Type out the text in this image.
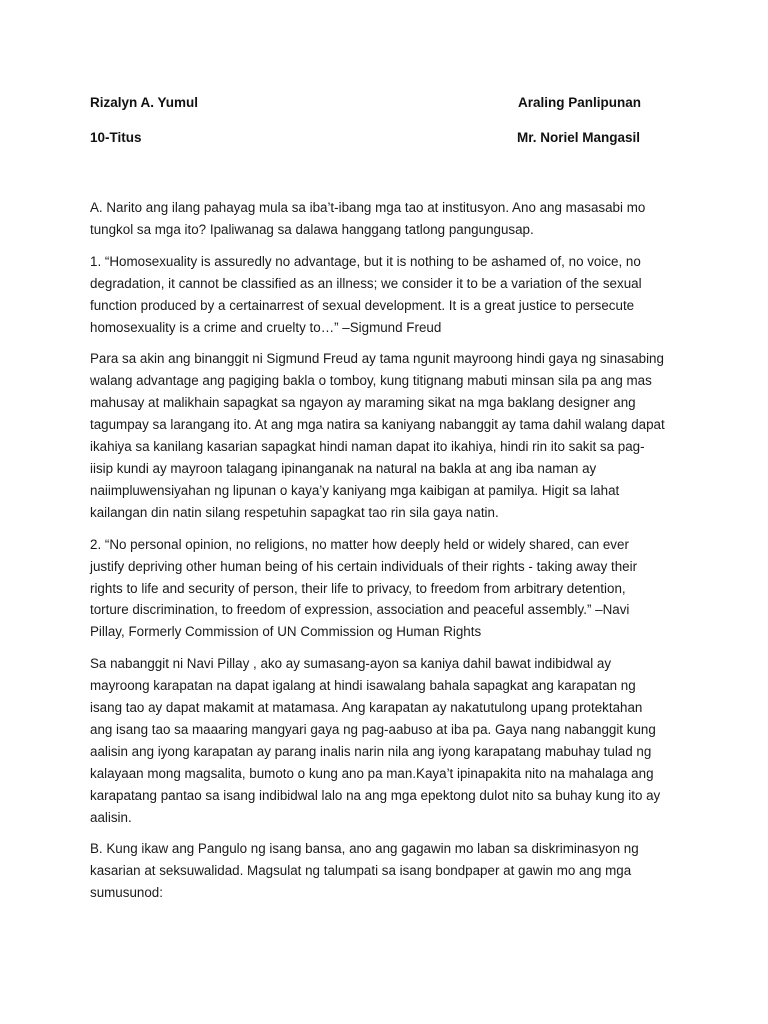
Rizalyn A. Yumul	Araling Panlipunan
10-Titus	Mr. Noriel Mangasil

A. Narito ang ilang pahayag mula sa iba’t-ibang mga tao at institusyon. Ano ang masasabi mo
tungkol sa mga ito? Ipaliwanag sa dalawa hanggang tatlong pangungusap.

1. “Homosexuality is assuredly no advantage, but it is nothing to be ashamed of, no voice, no
degradation, it cannot be classified as an illness; we consider it to be a variation of the sexual
function produced by a certainarrest of sexual development. It is a great justice to persecute
homosexuality is a crime and cruelty to…” –Sigmund Freud

Para sa akin ang binanggit ni Sigmund Freud ay tama ngunit mayroong hindi gaya ng sinasabing
walang advantage ang pagiging bakla o tomboy, kung titignang mabuti minsan sila pa ang mas
mahusay at malikhain sapagkat sa ngayon ay maraming sikat na mga baklang designer ang
tagumpay sa larangang ito. At ang mga natira sa kaniyang nabanggit ay tama dahil walang dapat
ikahiya sa kanilang kasarian sapagkat hindi naman dapat ito ikahiya, hindi rin ito sakit sa pag-
iisip kundi ay mayroon talagang ipinanganak na natural na bakla at ang iba naman ay
naiimpluwensiyahan ng lipunan o kaya’y kaniyang mga kaibigan at pamilya. Higit sa lahat
kailangan din natin silang respetuhin sapagkat tao rin sila gaya natin.

2. “No personal opinion, no religions, no matter how deeply held or widely shared, can ever
justify depriving other human being of his certain individuals of their rights - taking away their
rights to life and security of person, their life to privacy, to freedom from arbitrary detention,
torture discrimination, to freedom of expression, association and peaceful assembly.” –Navi
Pillay, Formerly Commission of UN Commission og Human Rights

Sa nabanggit ni Navi Pillay , ako ay sumasang-ayon sa kaniya dahil bawat indibidwal ay
mayroong karapatan na dapat igalang at hindi isawalang bahala sapagkat ang karapatan ng
isang tao ay dapat makamit at matamasa. Ang karapatan ay nakatutulong upang protektahan
ang isang tao sa maaaring mangyari gaya ng pag-aabuso at iba pa. Gaya nang nabanggit kung
aalisin ang iyong karapatan ay parang inalis narin nila ang iyong karapatang mabuhay tulad ng
kalayaan mong magsalita, bumoto o kung ano pa man.Kaya’t ipinapakita nito na mahalaga ang
karapatang pantao sa isang indibidwal lalo na ang mga epektong dulot nito sa buhay kung ito ay
aalisin.

B. Kung ikaw ang Pangulo ng isang bansa, ano ang gagawin mo laban sa diskriminasyon ng
kasarian at seksuwalidad. Magsulat ng talumpati sa isang bondpaper at gawin mo ang mga
sumusunod:
